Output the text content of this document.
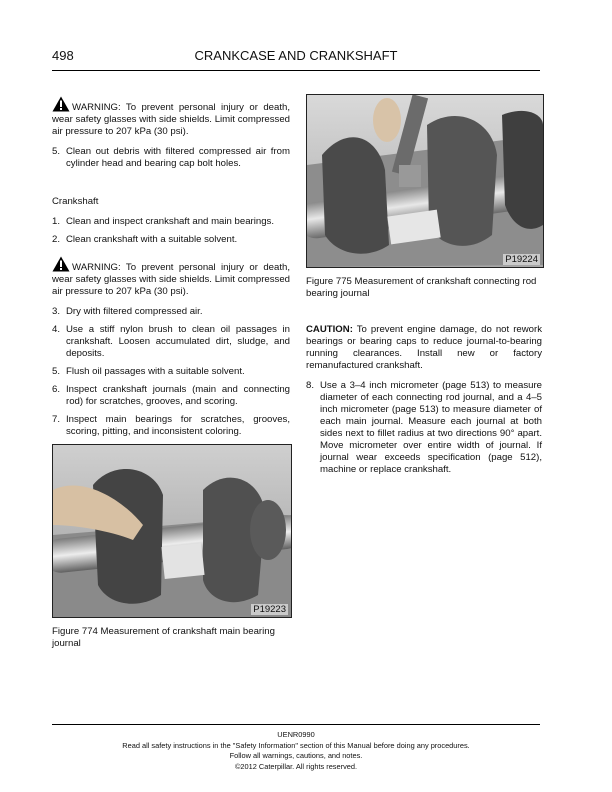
498	CRANKCASE AND CRANKSHAFT

WARNING: To prevent personal injury or death, wear safety glasses with side shields. Limit compressed air pressure to 207 kPa (30 psi).

5. Clean out debris with filtered compressed air from cylinder head and bearing cap bolt holes.

Crankshaft

1. Clean and inspect crankshaft and main bearings.
2. Clean crankshaft with a suitable solvent.

WARNING: To prevent personal injury or death, wear safety glasses with side shields. Limit compressed air pressure to 207 kPa (30 psi).

3. Dry with filtered compressed air.
4. Use a stiff nylon brush to clean oil passages in crankshaft. Loosen accumulated dirt, sludge, and deposits.
5. Flush oil passages with a suitable solvent.
6. Inspect crankshaft journals (main and connecting rod) for scratches, grooves, and scoring.
7. Inspect main bearings for scratches, grooves, scoring, pitting, and inconsistent coloring.
P19224
Figure 775 Measurement of crankshaft connecting rod bearing journal
P19223
Figure 774 Measurement of crankshaft main bearing journal

CAUTION: To prevent engine damage, do not rework bearings or bearing caps to reduce journal-to-bearing running clearances. Install new or factory remanufactured crankshaft.

8. Use a 3–4 inch micrometer (page 513) to measure diameter of each connecting rod journal, and a 4–5 inch micrometer (page 513) to measure diameter of each main journal. Measure each journal at both sides next to fillet radius at two directions 90° apart. Move micrometer over entire width of journal. If journal wear exceeds specification (page 512), machine or replace crankshaft.
UENR0990
Read all safety instructions in the "Safety Information" section of this Manual before doing any procedures.
Follow all warnings, cautions, and notes.
©2012 Caterpillar. All rights reserved.
